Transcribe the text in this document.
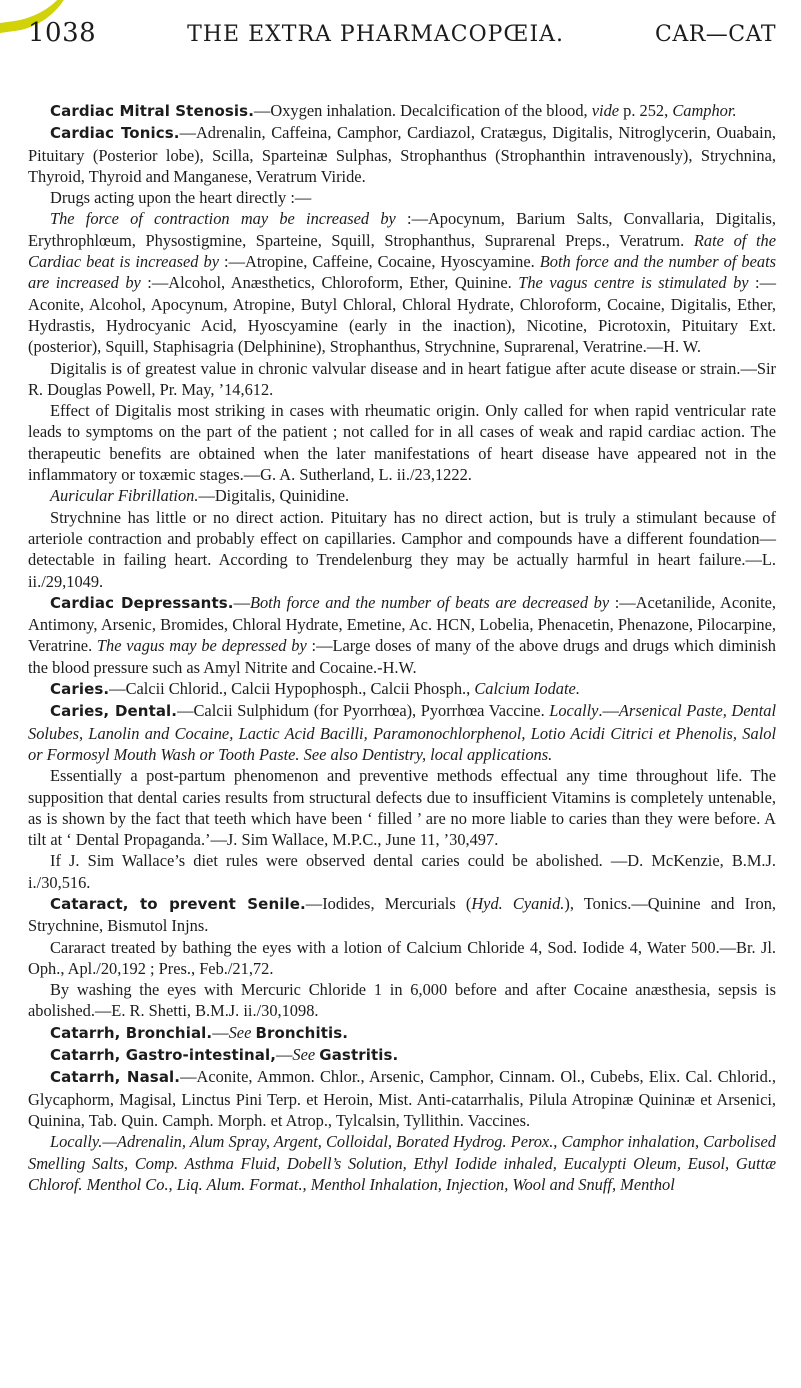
1038	THE EXTRA PHARMACOPŒIA.	CAR—CAT

Cardiac Mitral Stenosis.—Oxygen inhalation. Decalcification of the blood, vide p. 252, Camphor.

Cardiac Tonics.—Adrenalin, Caffeina, Camphor, Cardiazol, Cratægus, Digitalis, Nitroglycerin, Ouabain, Pituitary (Posterior lobe), Scilla, Sparteinæ Sulphas, Strophanthus (Strophanthin intravenously), Strychnina, Thyroid, Thyroid and Manganese, Veratrum Viride.

Drugs acting upon the heart directly :—

The force of contraction may be increased by :—Apocynum, Barium Salts, Convallaria, Digitalis, Erythrophlœum, Physostigmine, Sparteine, Squill, Strophanthus, Suprarenal Preps., Veratrum. Rate of the Cardiac beat is increased by :—Atropine, Caffeine, Cocaine, Hyoscyamine. Both force and the number of beats are increased by :—Alcohol, Anæsthetics, Chloroform, Ether, Quinine. The vagus centre is stimulated by :—Aconite, Alcohol, Apocynum, Atropine, Butyl Chloral, Chloral Hydrate, Chloroform, Cocaine, Digitalis, Ether, Hydrastis, Hydrocyanic Acid, Hyoscyamine (early in the inaction), Nicotine, Picrotoxin, Pituitary Ext. (posterior), Squill, Staphisagria (Delphinine), Strophanthus, Strychnine, Suprarenal, Veratrine.—H. W.

Digitalis is of greatest value in chronic valvular disease and in heart fatigue after acute disease or strain.—Sir R. Douglas Powell, Pr. May, ’14,612.

Effect of Digitalis most striking in cases with rheumatic origin. Only called for when rapid ventricular rate leads to symptoms on the part of the patient ; not called for in all cases of weak and rapid cardiac action. The therapeutic benefits are obtained when the later manifestations of heart disease have appeared not in the inflammatory or toxæmic stages.—G. A. Sutherland, L. ii./23,1222.

Auricular Fibrillation.—Digitalis, Quinidine.

Strychnine has little or no direct action. Pituitary has no direct action, but is truly a stimulant because of arteriole contraction and probably effect on capillaries. Camphor and compounds have a different foundation—detectable in failing heart. According to Trendelenburg they may be actually harmful in heart failure.—L. ii./29,1049.

Cardiac Depressants.—Both force and the number of beats are decreased by :—Acetanilide, Aconite, Antimony, Arsenic, Bromides, Chloral Hydrate, Emetine, Ac. HCN, Lobelia, Phenacetin, Phenazone, Pilocarpine, Veratrine. The vagus may be depressed by :—Large doses of many of the above drugs and drugs which diminish the blood pressure such as Amyl Nitrite and Cocaine.-H.W.

Caries.—Calcii Chlorid., Calcii Hypophosph., Calcii Phosph., Calcium Iodate.

Caries, Dental.—Calcii Sulphidum (for Pyorrhœa), Pyorrhœa Vaccine. Locally.—Arsenical Paste, Dental Solubes, Lanolin and Cocaine, Lactic Acid Bacilli, Paramonochlorphenol, Lotio Acidi Citrici et Phenolis, Salol or Formosyl Mouth Wash or Tooth Paste. See also Dentistry, local applications.

Essentially a post-partum phenomenon and preventive methods effectual any time throughout life. The supposition that dental caries results from structural defects due to insufficient Vitamins is completely untenable, as is shown by the fact that teeth which have been ‘ filled ’ are no more liable to caries than they were before. A tilt at ‘ Dental Propaganda.’—J. Sim Wallace, M.P.C., June 11, ’30,497.

If J. Sim Wallace’s diet rules were observed dental caries could be abolished. —D. McKenzie, B.M.J. i./30,516.

Cataract, to prevent Senile.—Iodides, Mercurials (Hyd. Cyanid.), Tonics.—Quinine and Iron, Strychnine, Bismutol Injns.

Cararact treated by bathing the eyes with a lotion of Calcium Chloride 4, Sod. Iodide 4, Water 500.—Br. Jl. Oph., Apl./20,192 ; Pres., Feb./21,72.

By washing the eyes with Mercuric Chloride 1 in 6,000 before and after Cocaine anæsthesia, sepsis is abolished.—E. R. Shetti, B.M.J. ii./30,1098.

Catarrh, Bronchial.—See Bronchitis.

Catarrh, Gastro-intestinal,—See Gastritis.

Catarrh, Nasal.—Aconite, Ammon. Chlor., Arsenic, Camphor, Cinnam. Ol., Cubebs, Elix. Cal. Chlorid., Glycaphorm, Magisal, Linctus Pini Terp. et Heroin, Mist. Anti-catarrhalis, Pilula Atropinæ Quininæ et Arsenici, Quinina, Tab. Quin. Camph. Morph. et Atrop., Tylcalsin, Tyllithin. Vaccines.

Locally.—Adrenalin, Alum Spray, Argent, Colloidal, Borated Hydrog. Perox., Camphor inhalation, Carbolised Smelling Salts, Comp. Asthma Fluid, Dobell’s Solution, Ethyl Iodide inhaled, Eucalypti Oleum, Eusol, Guttæ Chlorof. Menthol Co., Liq. Alum. Format., Menthol Inhalation, Injection, Wool and Snuff, Menthol
